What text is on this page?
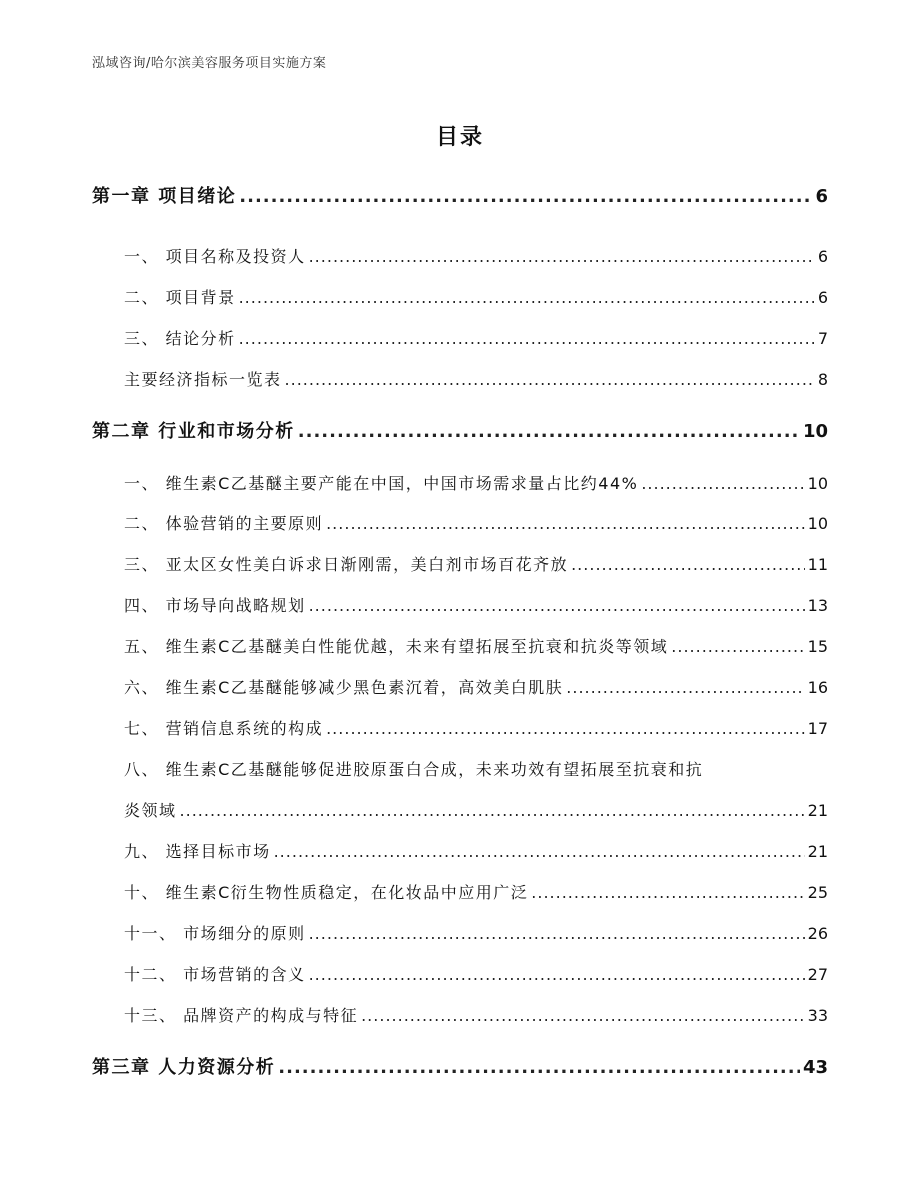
泓域咨询/哈尔滨美容服务项目实施方案
目录
第一章 项目绪论 .....	6
一、 项目名称及投资人 .....	6
二、 项目背景 .....	6
三、 结论分析 .....	7
主要经济指标一览表 .....	8
第二章 行业和市场分析 .....	10
一、 维生素C乙基醚主要产能在中国，中国市场需求量占比约44% .....	10
二、 体验营销的主要原则 .....	10
三、 亚太区女性美白诉求日渐刚需，美白剂市场百花齐放 .....	11
四、 市场导向战略规划 .....	13
五、 维生素C乙基醚美白性能优越，未来有望拓展至抗衰和抗炎等领域 .....	15
六、 维生素C乙基醚能够减少黑色素沉着，高效美白肌肤 .....	16
七、 营销信息系统的构成 .....	17
八、 维生素C乙基醚能够促进胶原蛋白合成，未来功效有望拓展至抗衰和抗
炎领域 .....	21
九、 选择目标市场 .....	21
十、 维生素C衍生物性质稳定，在化妆品中应用广泛 .....	25
十一、 市场细分的原则 .....	26
十二、 市场营销的含义 .....	27
十三、 品牌资产的构成与特征 .....	33
第三章 人力资源分析 .....	43
